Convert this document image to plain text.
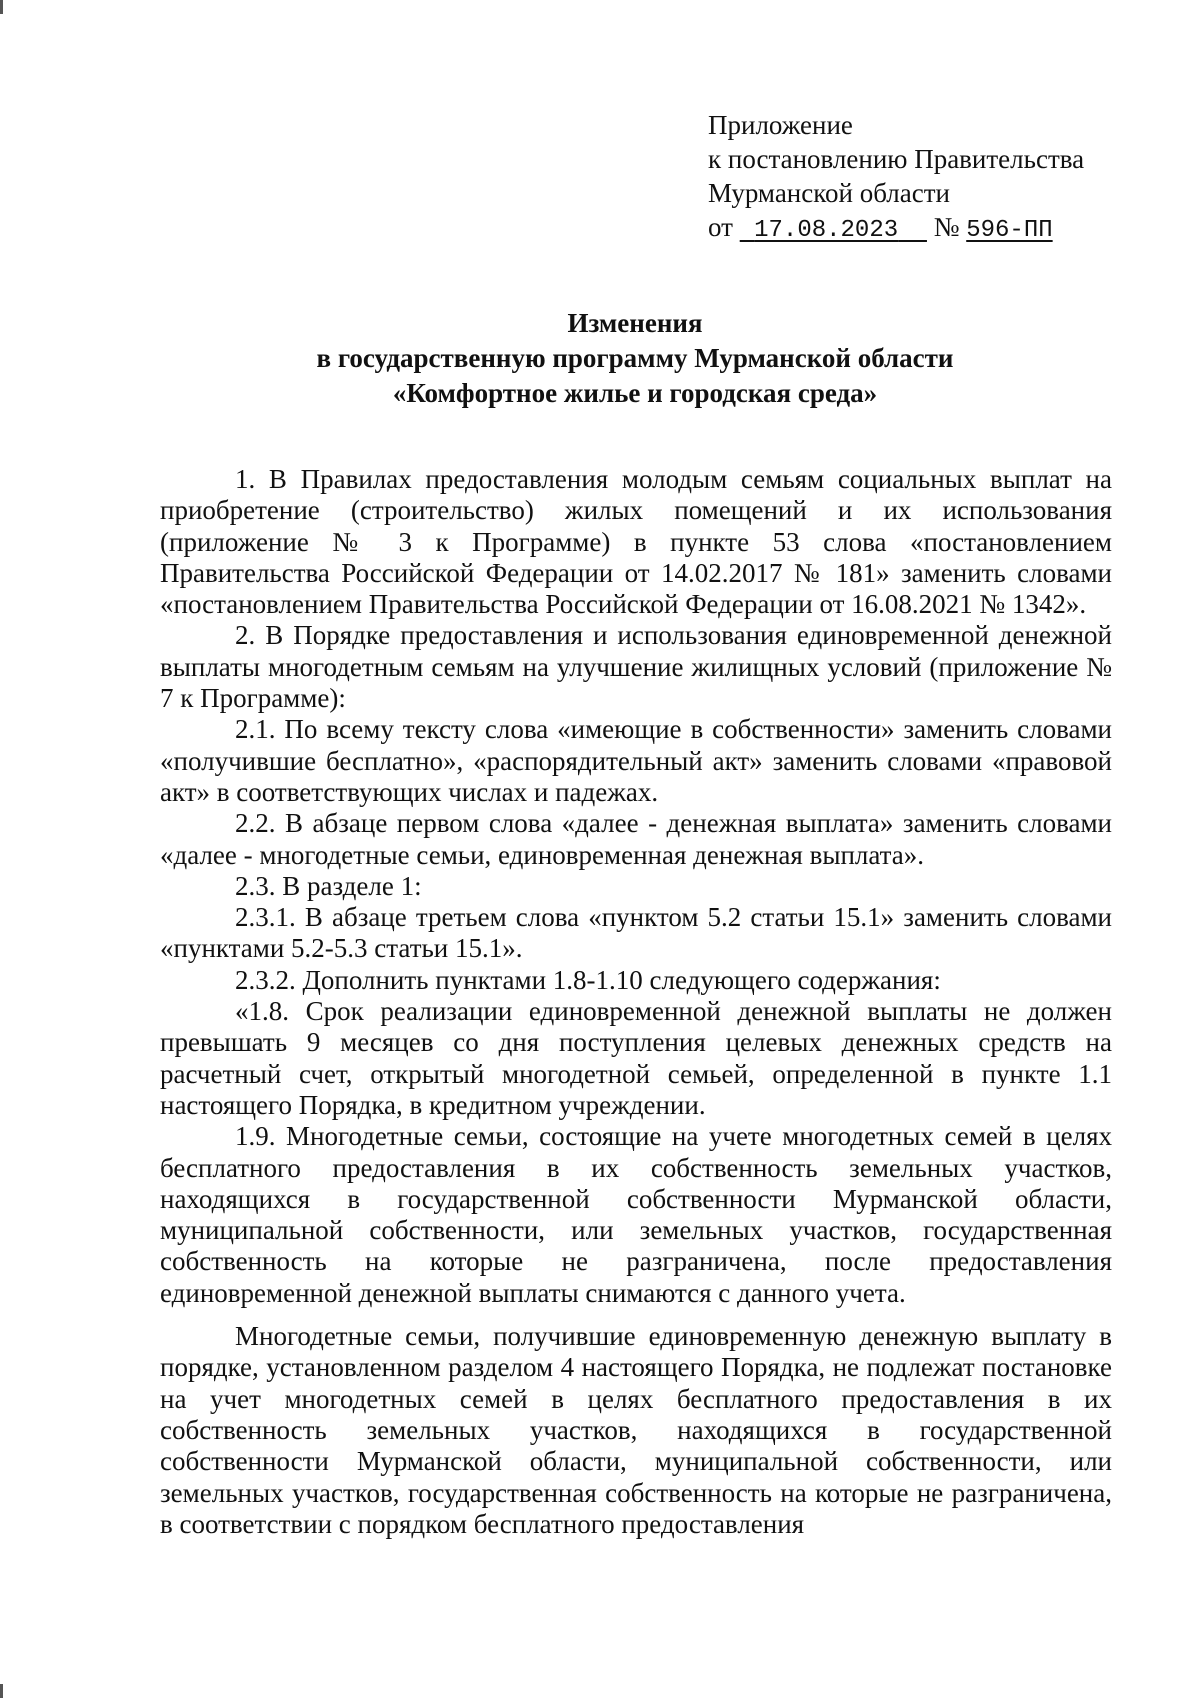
Приложение
к постановлению Правительства
Мурманской области
от 17.08.2023 № 596-ПП
Изменения
в государственную программу Мурманской области
«Комфортное жилье и городская среда»

1. В Правилах предоставления молодым семьям социальных выплат на приобретение (строительство) жилых помещений и их использования (приложение № 3 к Программе) в пункте 53 слова «постановлением Правительства Российской Федерации от 14.02.2017 № 181» заменить словами «постановлением Правительства Российской Федерации от 16.08.2021 № 1342».

2. В Порядке предоставления и использования единовременной денежной выплаты многодетным семьям на улучшение жилищных условий (приложение № 7 к Программе):

2.1. По всему тексту слова «имеющие в собственности» заменить словами «получившие бесплатно», «распорядительный акт» заменить словами «правовой акт» в соответствующих числах и падежах.

2.2. В абзаце первом слова «далее - денежная выплата» заменить словами «далее - многодетные семьи, единовременная денежная выплата».

2.3. В разделе 1:

2.3.1. В абзаце третьем слова «пунктом 5.2 статьи 15.1» заменить словами «пунктами 5.2-5.3 статьи 15.1».

2.3.2. Дополнить пунктами 1.8-1.10 следующего содержания:

«1.8. Срок реализации единовременной денежной выплаты не должен превышать 9 месяцев со дня поступления целевых денежных средств на расчетный счет, открытый многодетной семьей, определенной в пункте 1.1 настоящего Порядка, в кредитном учреждении.

1.9. Многодетные семьи, состоящие на учете многодетных семей в целях бесплатного предоставления в их собственность земельных участков, находящихся в государственной собственности Мурманской области, муниципальной собственности, или земельных участков, государственная собственность на которые не разграничена, после предоставления единовременной денежной выплаты снимаются с данного учета.

Многодетные семьи, получившие единовременную денежную выплату в порядке, установленном разделом 4 настоящего Порядка, не подлежат постановке на учет многодетных семей в целях бесплатного предоставления в их собственность земельных участков, находящихся в государственной собственности Мурманской области, муниципальной собственности, или земельных участков, государственная собственность на которые не разграничена, в соответствии с порядком бесплатного предоставления
